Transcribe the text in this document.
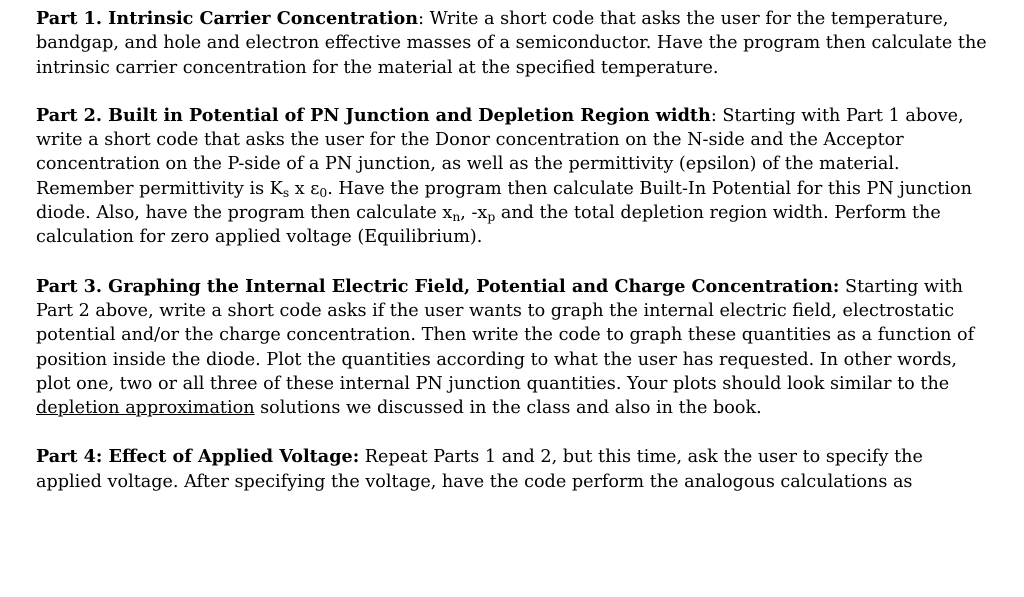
Part 1. Intrinsic Carrier Concentration: Write a short code that asks the user for the temperature, bandgap, and hole and electron effective masses of a semiconductor. Have the program then calculate the intrinsic carrier concentration for the material at the specified temperature.

Part 2. Built in Potential of PN Junction and Depletion Region width: Starting with Part 1 above, write a short code that asks the user for the Donor concentration on the N-side and the Acceptor concentration on the P-side of a PN junction, as well as the permittivity (epsilon) of the material. Remember permittivity is $K_s$ x $\varepsilon_0$. Have the program then calculate Built-In Potential for this PN junction diode. Also, have the program then calculate $x_n$, $-x_p$ and the total depletion region width. Perform the calculation for zero applied voltage (Equilibrium).

Part 3. Graphing the Internal Electric Field, Potential and Charge Concentration: Starting with Part 2 above, write a short code asks if the user wants to graph the internal electric field, electrostatic potential and/or the charge concentration. Then write the code to graph these quantities as a function of position inside the diode. Plot the quantities according to what the user has requested. In other words, plot one, two or all three of these internal PN junction quantities. Your plots should look similar to the depletion approximation solutions we discussed in the class and also in the book.

Part 4: Effect of Applied Voltage: Repeat Parts 1 and 2, but this time, ask the user to specify the applied voltage. After specifying the voltage, have the code perform the analogous calculations as
